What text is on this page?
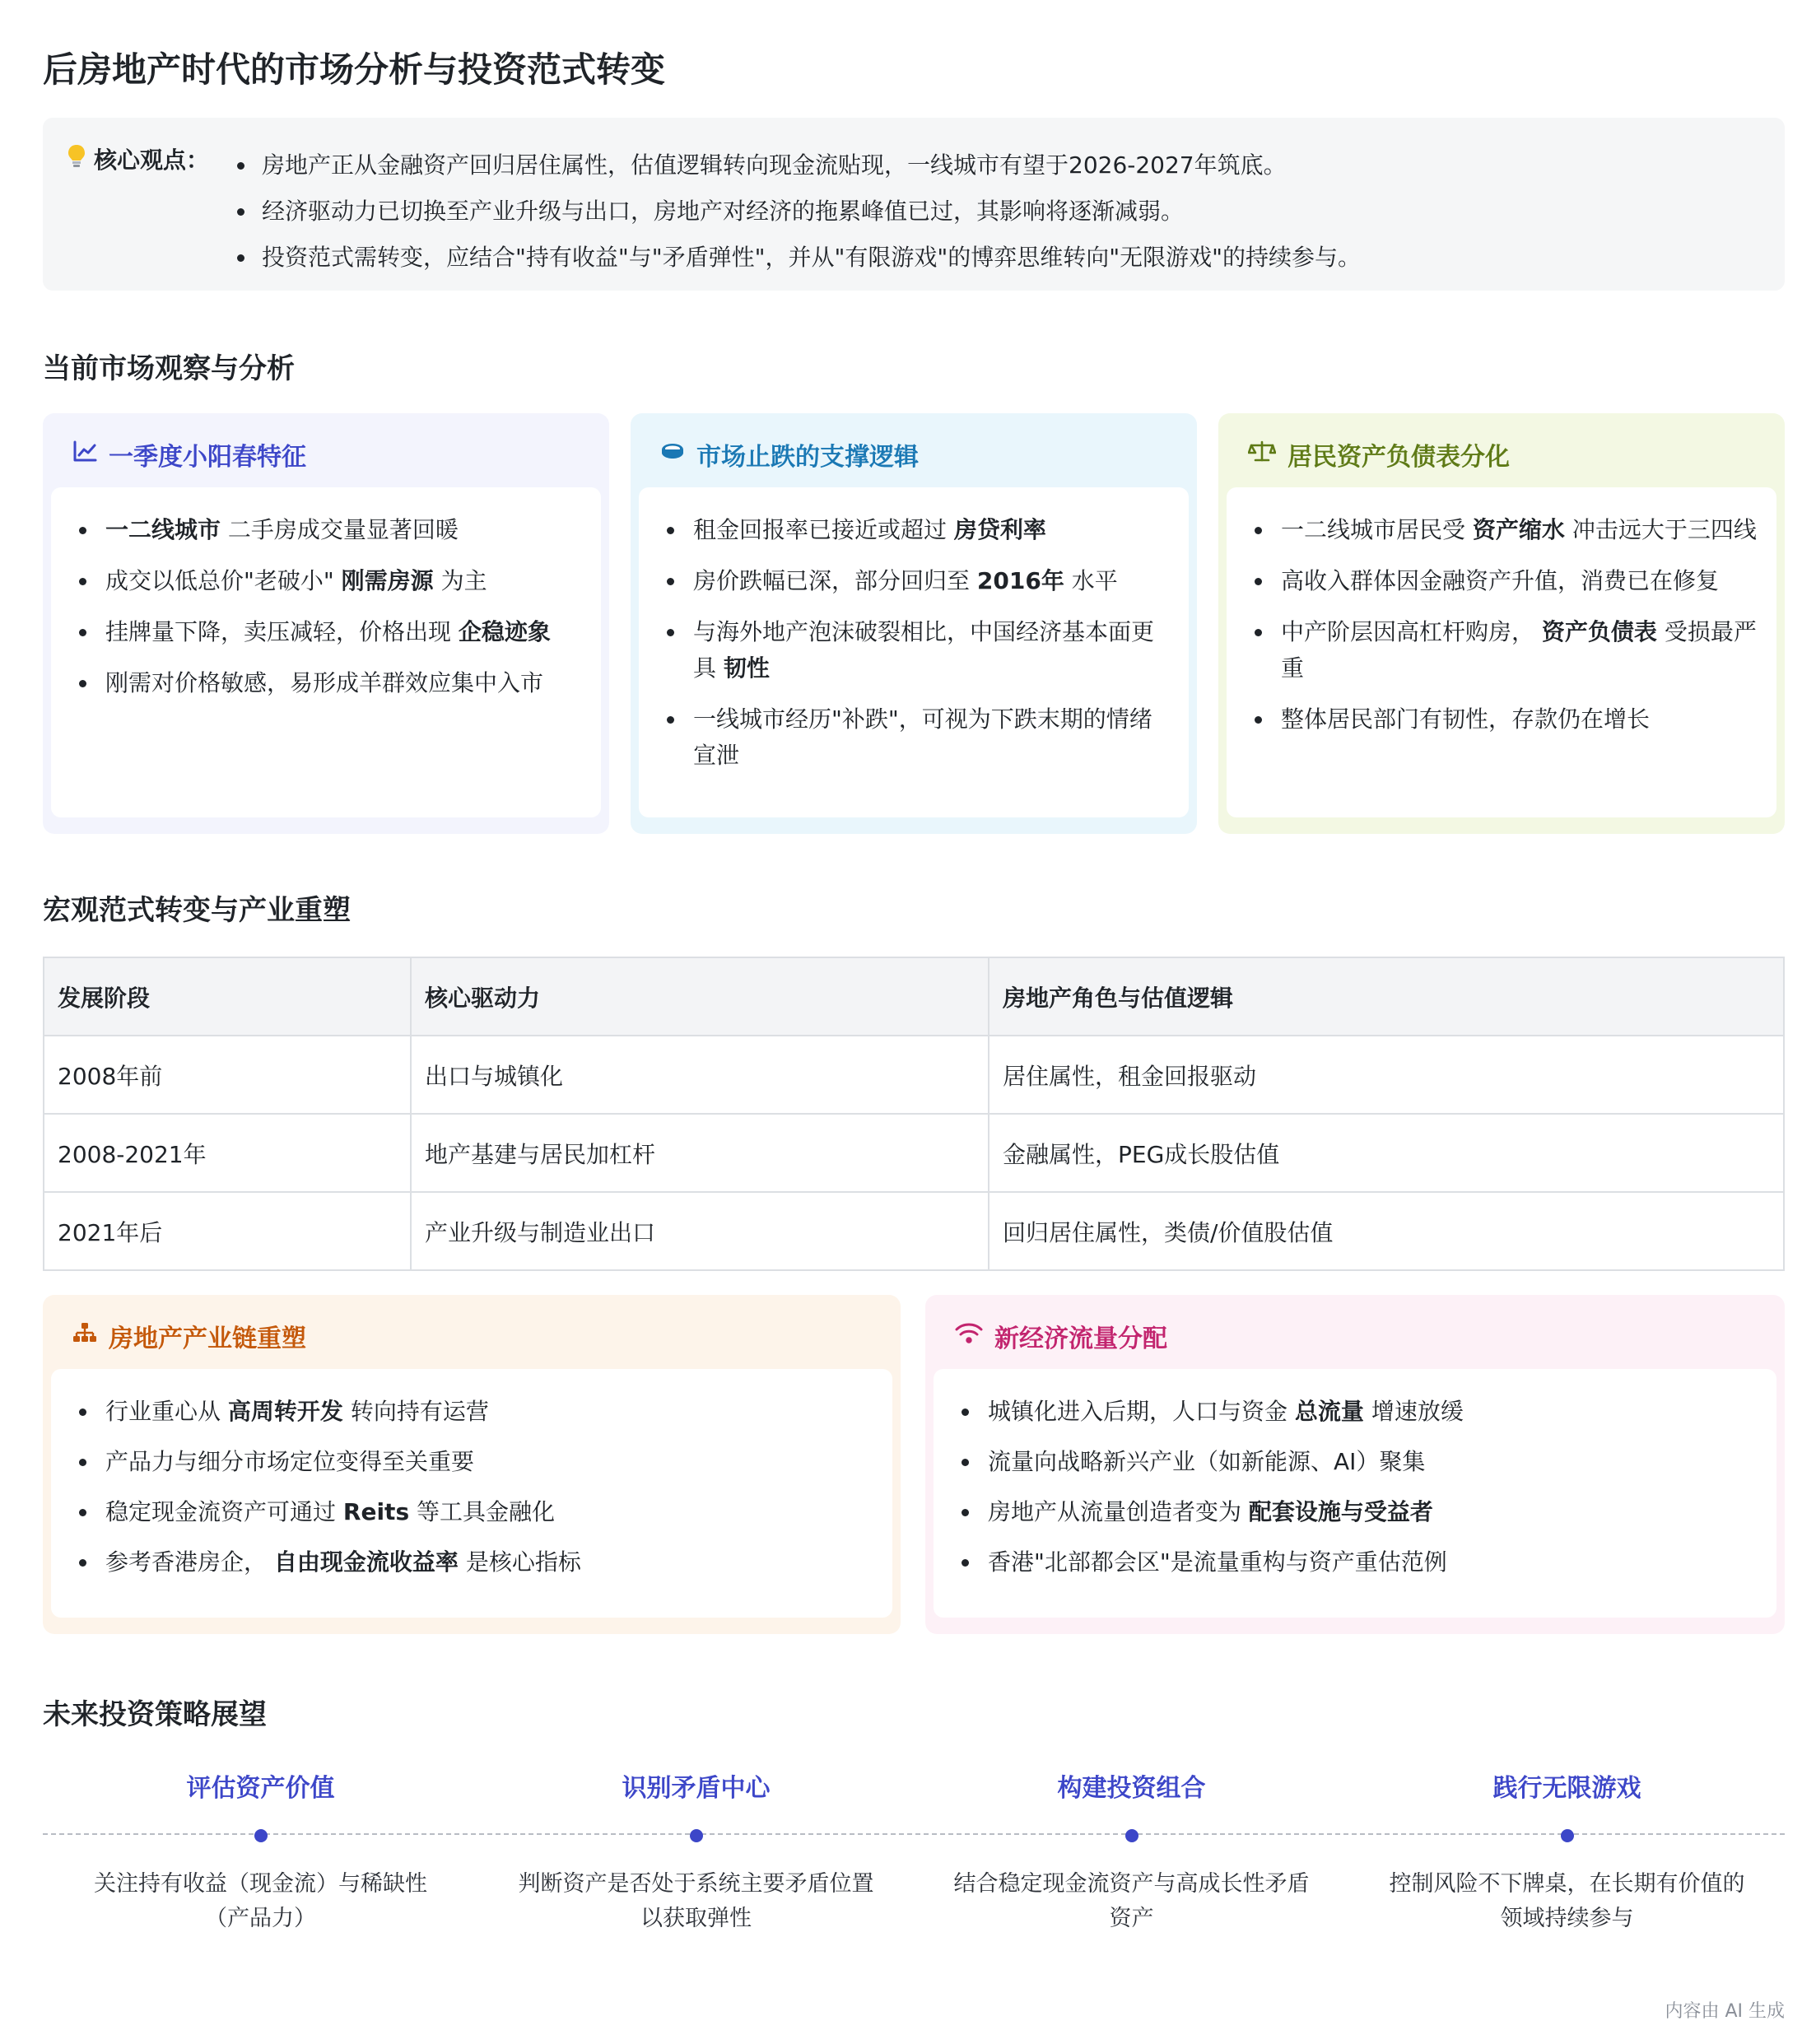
后房地产时代的市场分析与投资范式转变
核心观点：	房地产正从金融资产回归居住属性，估值逻辑转向现金流贴现，一线城市有望于2026-2027年筑底。
经济驱动力已切换至产业升级与出口，房地产对经济的拖累峰值已过，其影响将逐渐减弱。
投资范式需转变，应结合"持有收益"与"矛盾弹性"，并从"有限游戏"的博弈思维转向"无限游戏"的持续参与。
当前市场观察与分析
一季度小阳春特征
一二线城市 二手房成交量显著回暖
成交以低总价"老破小" 刚需房源 为主
挂牌量下降，卖压减轻，价格出现 企稳迹象
刚需对价格敏感，易形成羊群效应集中入市
市场止跌的支撑逻辑
租金回报率已接近或超过 房贷利率
房价跌幅已深，部分回归至 2016年 水平
与海外地产泡沫破裂相比，中国经济基本面更具 韧性
一线城市经历"补跌"，可视为下跌末期的情绪宣泄
居民资产负债表分化
一二线城市居民受 资产缩水 冲击远大于三四线
高收入群体因金融资产升值，消费已在修复
中产阶层因高杠杆购房， 资产负债表 受损最严重
整体居民部门有韧性，存款仍在增长
宏观范式转变与产业重塑
发展阶段	核心驱动力	房地产角色与估值逻辑
2008年前	出口与城镇化	居住属性，租金回报驱动
2008-2021年	地产基建与居民加杠杆	金融属性，PEG成长股估值
2021年后	产业升级与制造业出口	回归居住属性，类债/价值股估值
房地产产业链重塑
行业重心从 高周转开发 转向持有运营
产品力与细分市场定位变得至关重要
稳定现金流资产可通过 Reits 等工具金融化
参考香港房企， 自由现金流收益率 是核心指标
新经济流量分配
城镇化进入后期，人口与资金 总流量 增速放缓
流量向战略新兴产业（如新能源、AI）聚集
房地产从流量创造者变为 配套设施与受益者
香港"北部都会区"是流量重构与资产重估范例
未来投资策略展望
评估资产价值
关注持有收益（现金流）与稀缺性（产品力）
识别矛盾中心
判断资产是否处于系统主要矛盾位置以获取弹性
构建投资组合
结合稳定现金流资产与高成长性矛盾资产
践行无限游戏
控制风险不下牌桌，在长期有价值的领域持续参与
内容由 AI 生成
